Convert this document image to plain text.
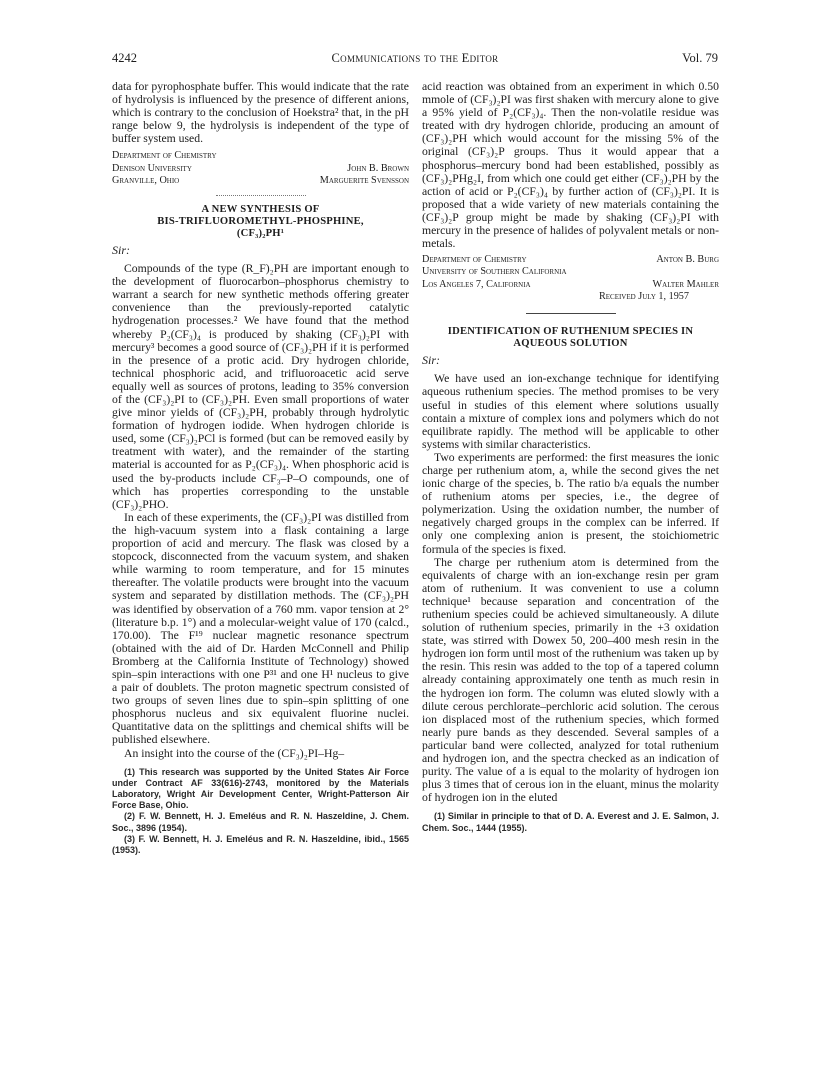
4242	Communications to the Editor	Vol. 79

data for pyrophosphate buffer. This would indicate that the rate of hydrolysis is influenced by the presence of different anions, which is contrary to the conclusion of Hoekstra² that, in the pH range below 9, the hydrolysis is independent of the type of buffer system used.

Department of Chemistry
Denison University	John B. Brown
Granville, Ohio	Marguerite Svensson
A NEW SYNTHESIS OF
BIS-TRIFLUOROMETHYL-PHOSPHINE,
(CF₃)₂PH¹
Sir:

Compounds of the type (R_F)₂PH are important enough to the development of fluorocarbon–phosphorus chemistry to warrant a search for new synthetic methods offering greater convenience than the previously-reported catalytic hydrogenation processes.² We have found that the method whereby P₂(CF₃)₄ is produced by shaking (CF₃)₂PI with mercury³ becomes a good source of (CF₃)₂PH if it is performed in the presence of a protic acid. Dry hydrogen chloride, technical phosphoric acid, and trifluoroacetic acid serve equally well as sources of protons, leading to 35% conversion of the (CF₃)₂PI to (CF₃)₂PH. Even small proportions of water give minor yields of (CF₃)₂PH, probably through hydrolytic formation of hydrogen iodide. When hydrogen chloride is used, some (CF₃)₂PCl is formed (but can be removed easily by treatment with water), and the remainder of the starting material is accounted for as P₂(CF₃)₄. When phosphoric acid is used the by-products include CF₃–P–O compounds, one of which has properties corresponding to the unstable (CF₃)₂PHO.

In each of these experiments, the (CF₃)₂PI was distilled from the high-vacuum system into a flask containing a large proportion of acid and mercury. The flask was closed by a stopcock, disconnected from the vacuum system, and shaken while warming to room temperature, and for 15 minutes thereafter. The volatile products were brought into the vacuum system and separated by distillation methods. The (CF₃)₂PH was identified by observation of a 760 mm. vapor tension at 2° (literature b.p. 1°) and a molecular-weight value of 170 (calcd., 170.00). The F¹⁹ nuclear magnetic resonance spectrum (obtained with the aid of Dr. Harden McConnell and Philip Bromberg at the California Institute of Technology) showed spin–spin interactions with one P³¹ and one H¹ nucleus to give a pair of doublets. The proton magnetic spectrum consisted of two groups of seven lines due to spin–spin splitting of one phosphorus nucleus and six equivalent fluorine nuclei. Quantitative data on the splittings and chemical shifts will be published elsewhere.

An insight into the course of the (CF₃)₂PI–Hg–

(1) This research was supported by the United States Air Force under Contract AF 33(616)-2743, monitored by the Materials Laboratory, Wright Air Development Center, Wright-Patterson Air Force Base, Ohio.

(2) F. W. Bennett, H. J. Emeléus and R. N. Haszeldine, J. Chem. Soc., 3896 (1954).

(3) F. W. Bennett, H. J. Emeléus and R. N. Haszeldine, ibid., 1565 (1953).

acid reaction was obtained from an experiment in which 0.50 mmole of (CF₃)₂PI was first shaken with mercury alone to give a 95% yield of P₂(CF₃)₄. Then the non-volatile residue was treated with dry hydrogen chloride, producing an amount of (CF₃)₂PH which would account for the missing 5% of the original (CF₃)₂P groups. Thus it would appear that a phosphorus–mercury bond had been established, possibly as (CF₃)₂PHg₂I, from which one could get either (CF₃)₂PH by the action of acid or P₂(CF₃)₄ by further action of (CF₃)₂PI. It is proposed that a wide variety of new materials containing the (CF₃)₂P group might be made by shaking (CF₃)₂PI with mercury in the presence of halides of polyvalent metals or non-metals.

Department of Chemistry	Anton B. Burg
University of Southern California
Los Angeles 7, California	Walter Mahler
Received July 1, 1957
IDENTIFICATION OF RUTHENIUM SPECIES IN
AQUEOUS SOLUTION
Sir:

We have used an ion-exchange technique for identifying aqueous ruthenium species. The method promises to be very useful in studies of this element where solutions usually contain a mixture of complex ions and polymers which do not equilibrate rapidly. The method will be applicable to other systems with similar characteristics.

Two experiments are performed: the first measures the ionic charge per ruthenium atom, a, while the second gives the net ionic charge of the species, b. The ratio b/a equals the number of ruthenium atoms per species, i.e., the degree of polymerization. Using the oxidation number, the number of negatively charged groups in the complex can be inferred. If only one complexing anion is present, the stoichiometric formula of the species is fixed.

The charge per ruthenium atom is determined from the equivalents of charge with an ion-exchange resin per gram atom of ruthenium. It was convenient to use a column technique¹ because separation and concentration of the ruthenium species could be achieved simultaneously. A dilute solution of ruthenium species, primarily in the +3 oxidation state, was stirred with Dowex 50, 200–400 mesh resin in the hydrogen ion form until most of the ruthenium was taken up by the resin. This resin was added to the top of a tapered column already containing approximately one tenth as much resin in the hydrogen ion form. The column was eluted slowly with a dilute cerous perchlorate–perchloric acid solution. The cerous ion displaced most of the ruthenium species, which formed nearly pure bands as they descended. Several samples of a particular band were collected, analyzed for total ruthenium and hydrogen ion, and the spectra checked as an indication of purity. The value of a is equal to the molarity of hydrogen ion plus 3 times that of cerous ion in the eluant, minus the molarity of hydrogen ion in the eluted

(1) Similar in principle to that of D. A. Everest and J. E. Salmon, J. Chem. Soc., 1444 (1955).
